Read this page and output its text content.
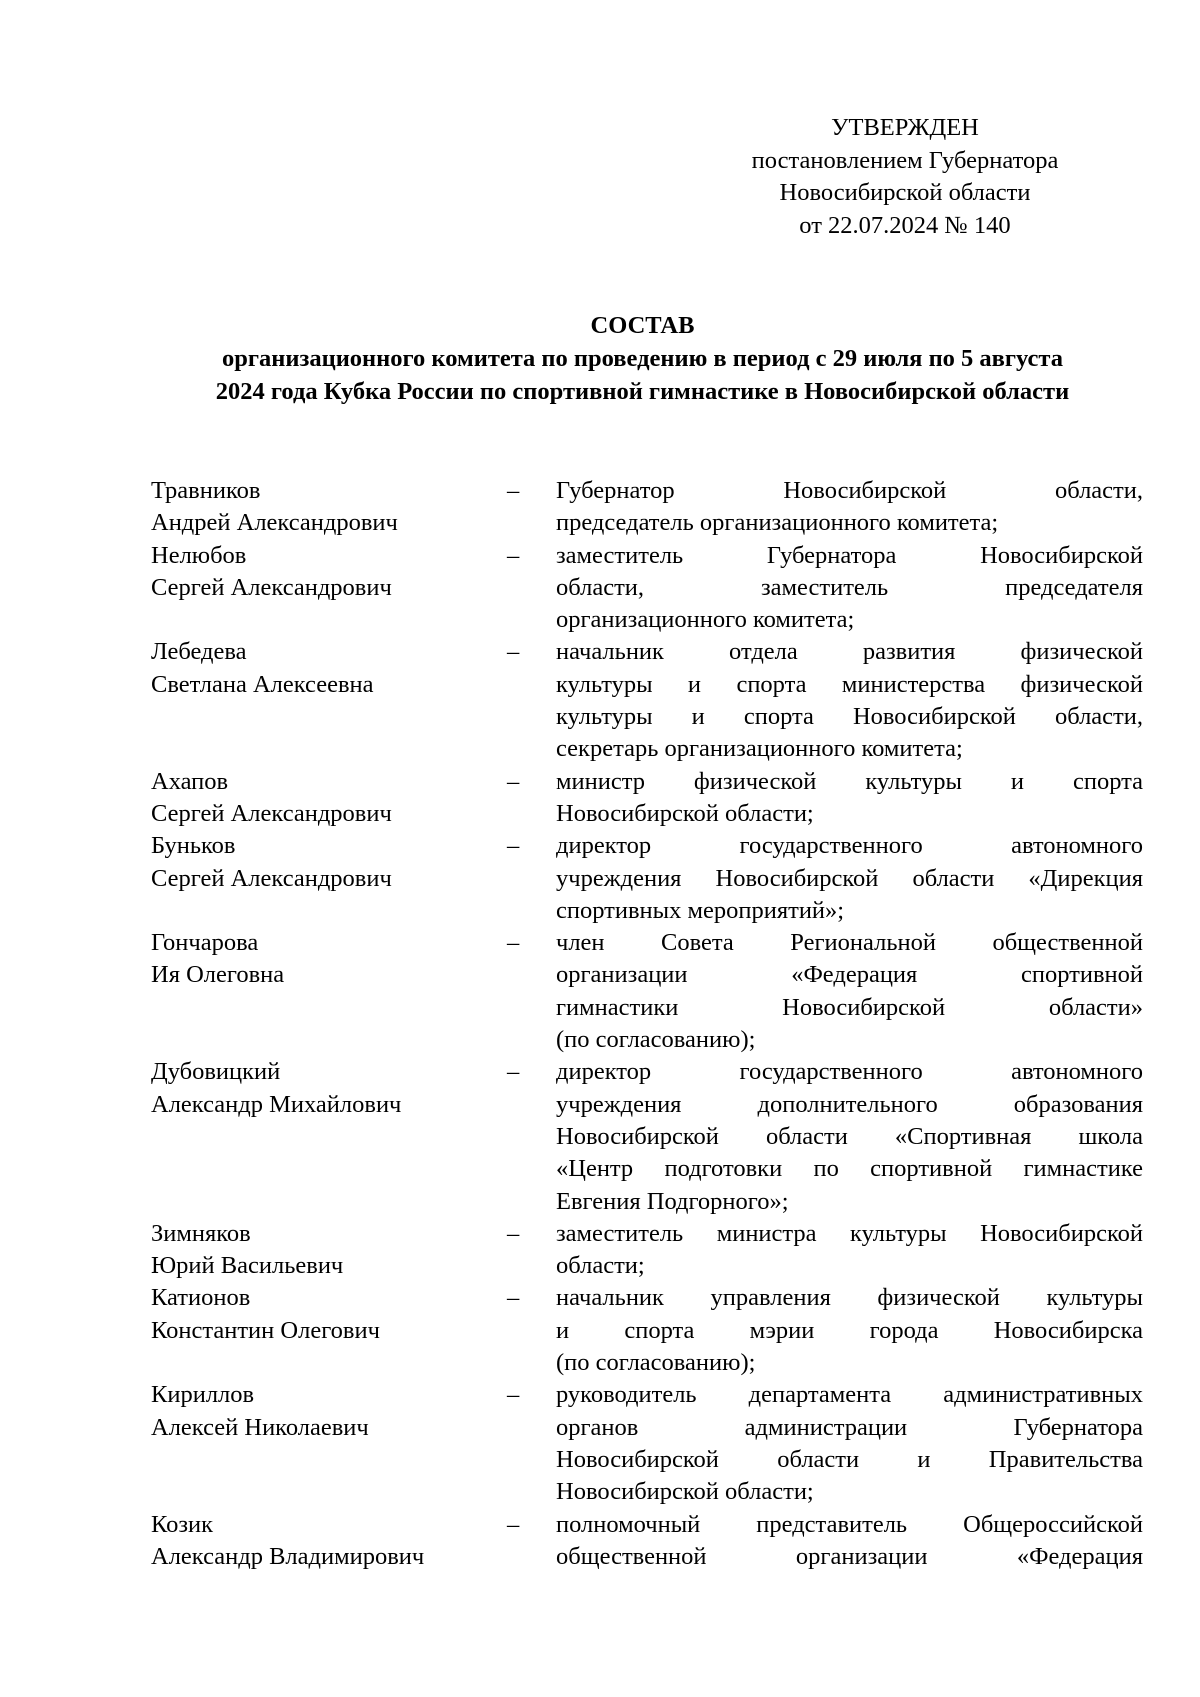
УТВЕРЖДЕН
постановлением Губернатора
Новосибирской области
от 22.07.2024 № 140
СОСТАВ
организационного комитета по проведению в период с 29 июля по 5 августа
2024 года Кубка России по спортивной гимнастике в Новосибирской области
Травников
Андрей Александрович
–	Губернатор Новосибирской области,
председатель организационного комитета;
Нелюбов
Сергей Александрович
–	заместитель Губернатора Новосибирской
области, заместитель председателя
организационного комитета;
Лебедева
Светлана Алексеевна
–	начальник отдела развития физической
культуры и спорта министерства физической
культуры и спорта Новосибирской области,
секретарь организационного комитета;
Ахапов
Сергей Александрович
–	министр физической культуры и спорта
Новосибирской области;
Буньков
Сергей Александрович
–	директор государственного автономного
учреждения Новосибирской области «Дирекция
спортивных мероприятий»;
Гончарова
Ия Олеговна
–	член Совета Региональной общественной
организации «Федерация спортивной
гимнастики Новосибирской области»
(по согласованию);
Дубовицкий
Александр Михайлович
–	директор государственного автономного
учреждения дополнительного образования
Новосибирской области «Спортивная школа
«Центр подготовки по спортивной гимнастике
Евгения Подгорного»;
Зимняков
Юрий Васильевич
–	заместитель министра культуры Новосибирской
области;
Катионов
Константин Олегович
–	начальник управления физической культуры
и спорта мэрии города Новосибирска
(по согласованию);
Кириллов
Алексей Николаевич
–	руководитель департамента административных
органов администрации Губернатора
Новосибирской области и Правительства
Новосибирской области;
Козик
Александр Владимирович
–	полномочный представитель Общероссийской
общественной организации «Федерация
